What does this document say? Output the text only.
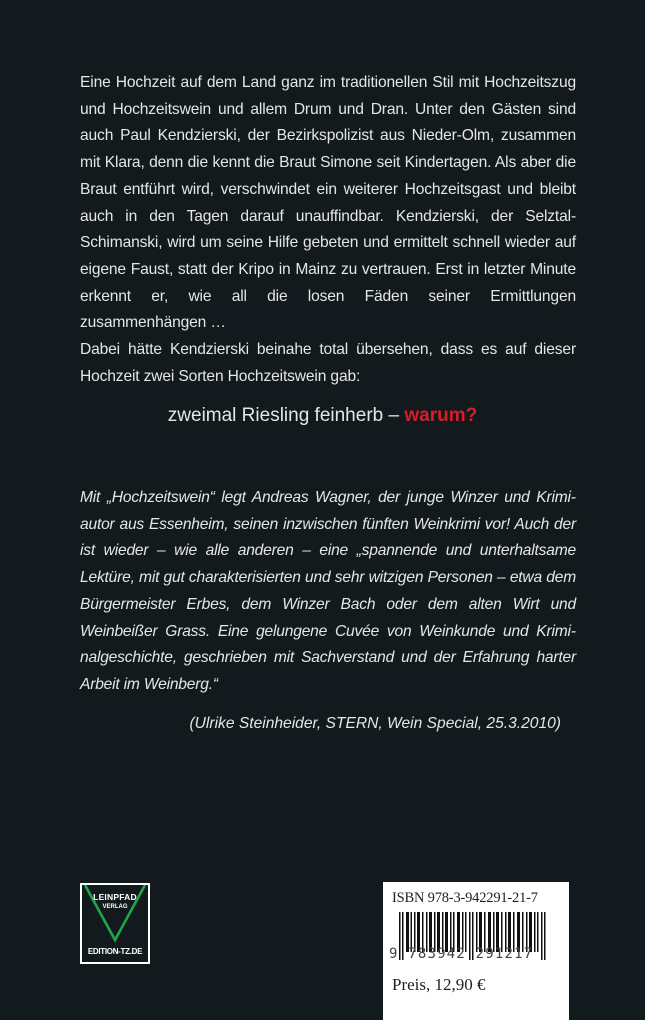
Eine Hochzeit auf dem Land ganz im traditionellen Stil mit Hochzeitszug und Hochzeitswein und allem Drum und Dran. Unter den Gästen sind auch Paul Kendzierski, der Bezirkspolizist aus Nieder-Olm, zusammen mit Klara, denn die kennt die Braut Simone seit Kindertagen. Als aber die Braut entführt wird, verschwindet ein weiterer Hochzeitsgast und bleibt auch in den Tagen darauf unauffindbar. Kendzierski, der Selztal-Schimanski, wird um seine Hilfe gebeten und ermittelt schnell wieder auf eigene Faust, statt der Kripo in Mainz zu vertrauen. Erst in letzter Minute erkennt er, wie all die losen Fäden seiner Ermittlungen zusammenhängen …

Dabei hätte Kendzierski beinahe total übersehen, dass es auf dieser Hochzeit zwei Sorten Hochzeitswein gab:

zweimal Riesling feinherb – warum?

Mit „Hochzeitswein“ legt Andreas Wagner, der junge Winzer und Krimiautor aus Essenheim, seinen inzwischen fünften Weinkrimi vor! Auch der ist wieder – wie alle anderen – eine „spannende und unterhaltsame Lektüre, mit gut charakterisierten und sehr witzigen Personen – etwa dem Bürgermeister Erbes, dem Winzer Bach oder dem alten Wirt und Weinbeißer Grass. Eine gelungene Cuvée von Weinkunde und Kriminalgeschichte, geschrieben mit Sachverstand und der Erfahrung harter Arbeit im Weinberg.“

(Ulrike Steinheider, STERN, Wein Special, 25.3.2010)
LEINPFAD
VERLAG
EDITION-TZ.DE
ISBN 978-3-942291-21-7
9 783942 291217
Preis, 12,90 €
